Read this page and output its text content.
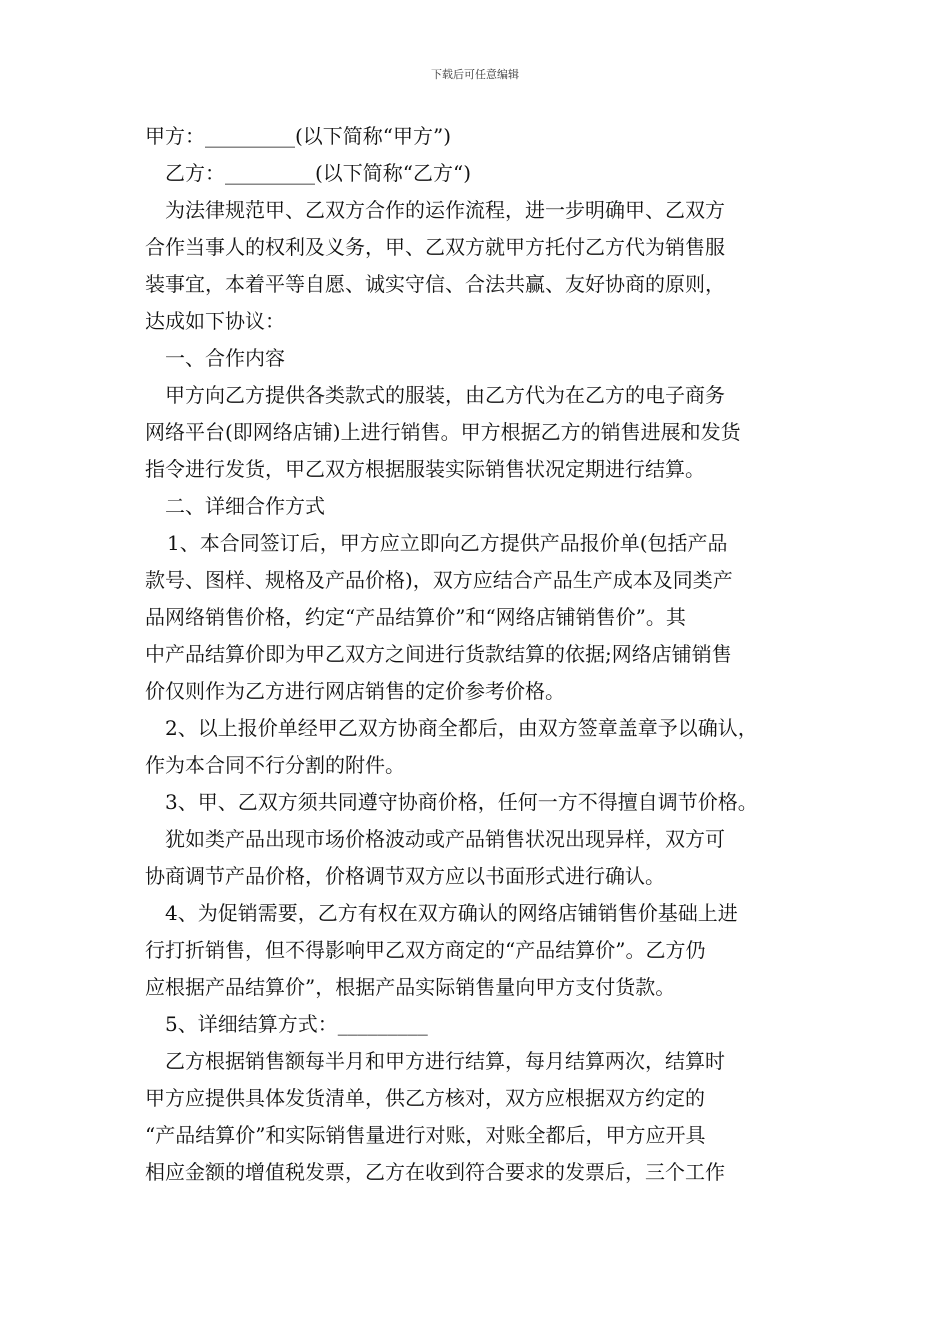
下载后可任意编辑
甲方：_________(以下简称“甲方”)
乙方：_________(以下简称“乙方“)
为法律规范甲、乙双方合作的运作流程，进一步明确甲、乙双方
合作当事人的权利及义务，甲、乙双方就甲方托付乙方代为销售服
装事宜，本着平等自愿、诚实守信、合法共赢、友好协商的原则，
达成如下协议：
一、合作内容
甲方向乙方提供各类款式的服装，由乙方代为在乙方的电子商务
网络平台(即网络店铺)上进行销售。甲方根据乙方的销售进展和发货
指令进行发货，甲乙双方根据服装实际销售状况定期进行结算。
二、详细合作方式
1、本合同签订后，甲方应立即向乙方提供产品报价单(包括产品
款号、图样、规格及产品价格)，双方应结合产品生产成本及同类产
品网络销售价格，约定“产品结算价”和“网络店铺销售价”。其
中产品结算价即为甲乙双方之间进行货款结算的依据;网络店铺销售
价仅则作为乙方进行网店销售的定价参考价格。
2、以上报价单经甲乙双方协商全都后，由双方签章盖章予以确认，
作为本合同不行分割的附件。
3、甲、乙双方须共同遵守协商价格，任何一方不得擅自调节价格。
犹如类产品出现市场价格波动或产品销售状况出现异样，双方可
协商调节产品价格，价格调节双方应以书面形式进行确认。
4、为促销需要，乙方有权在双方确认的网络店铺销售价基础上进
行打折销售，但不得影响甲乙双方商定的“产品结算价”。乙方仍
应根据产品结算价”，根据产品实际销售量向甲方支付货款。
5、详细结算方式：_________
乙方根据销售额每半月和甲方进行结算，每月结算两次，结算时
甲方应提供具体发货清单，供乙方核对，双方应根据双方约定的
“产品结算价”和实际销售量进行对账，对账全都后，甲方应开具
相应金额的增值税发票，乙方在收到符合要求的发票后，三个工作
